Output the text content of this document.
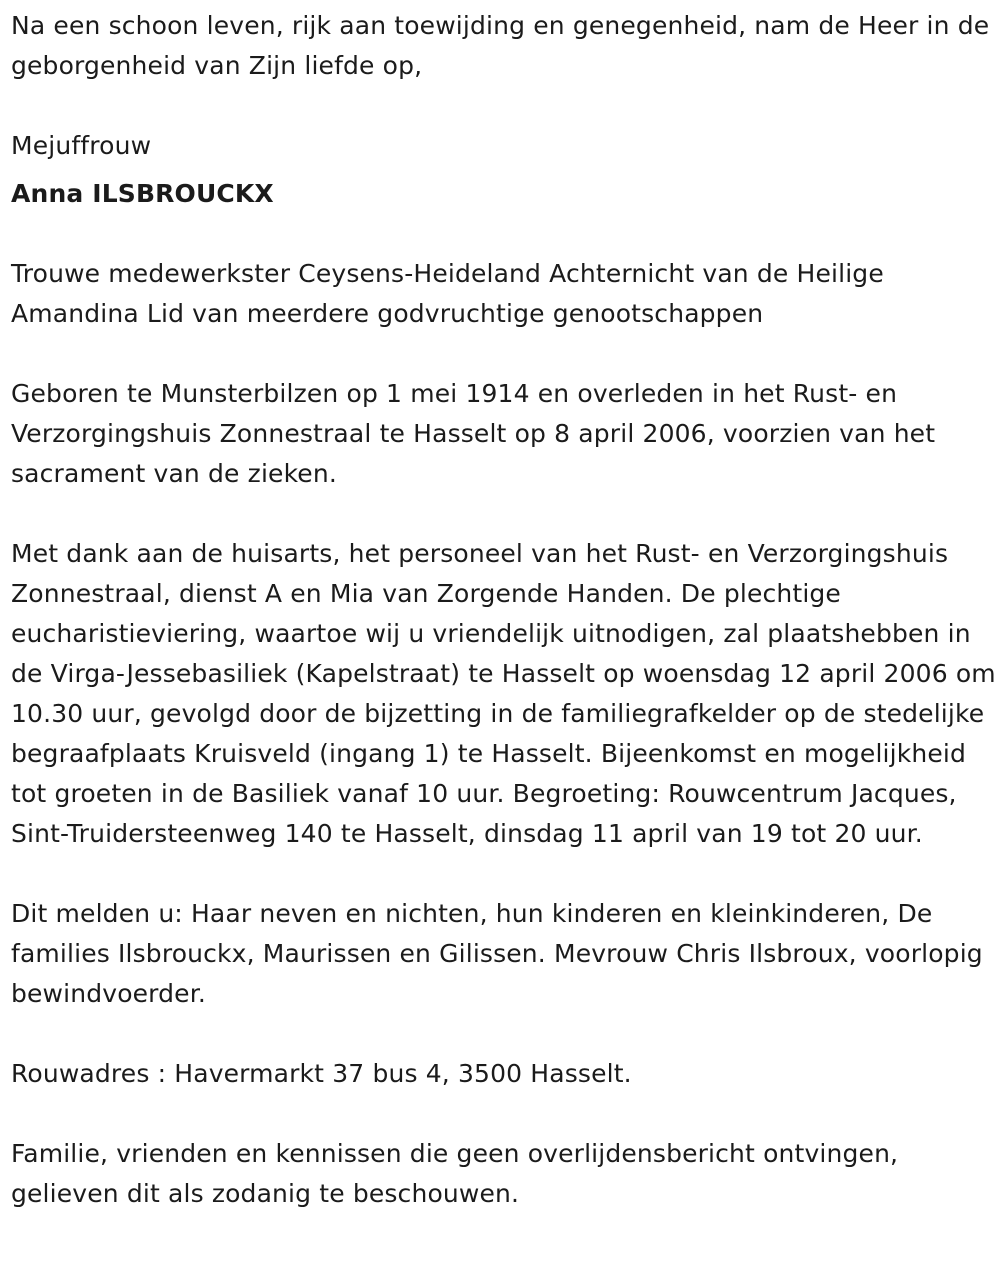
Na een schoon leven, rijk aan toewijding en genegenheid, nam de Heer in de geborgenheid van Zijn liefde op,

Mejuffrouw
Anna ILSBROUCKX

Trouwe medewerkster Ceysens-Heideland Achternicht van de Heilige Amandina Lid van meerdere godvruchtige genootschappen

Geboren te Munsterbilzen op 1 mei 1914 en overleden in het Rust- en Verzorgingshuis Zonnestraal te Hasselt op 8 april 2006, voorzien van het sacrament van de zieken.

Met dank aan de huisarts, het personeel van het Rust- en Verzorgingshuis Zonnestraal, dienst A en Mia van Zorgende Handen. De plechtige eucharistieviering, waartoe wij u vriendelijk uitnodigen, zal plaatshebben in de Virga-Jessebasiliek (Kapelstraat) te Hasselt op woensdag 12 april 2006 om 10.30 uur, gevolgd door de bijzetting in de familiegrafkelder op de stedelijke begraafplaats Kruisveld (ingang 1) te Hasselt. Bijeenkomst en mogelijkheid tot groeten in de Basiliek vanaf 10 uur. Begroeting: Rouwcentrum Jacques, Sint-Truidersteenweg 140 te Hasselt, dinsdag 11 april van 19 tot 20 uur.

Dit melden u: Haar neven en nichten, hun kinderen en kleinkinderen, De families Ilsbrouckx, Maurissen en Gilissen. Mevrouw Chris Ilsbroux, voorlopig bewindvoerder.

Rouwadres : Havermarkt 37 bus 4, 3500 Hasselt.

Familie, vrienden en kennissen die geen overlijdensbericht ontvingen, gelieven dit als zodanig te beschouwen.
